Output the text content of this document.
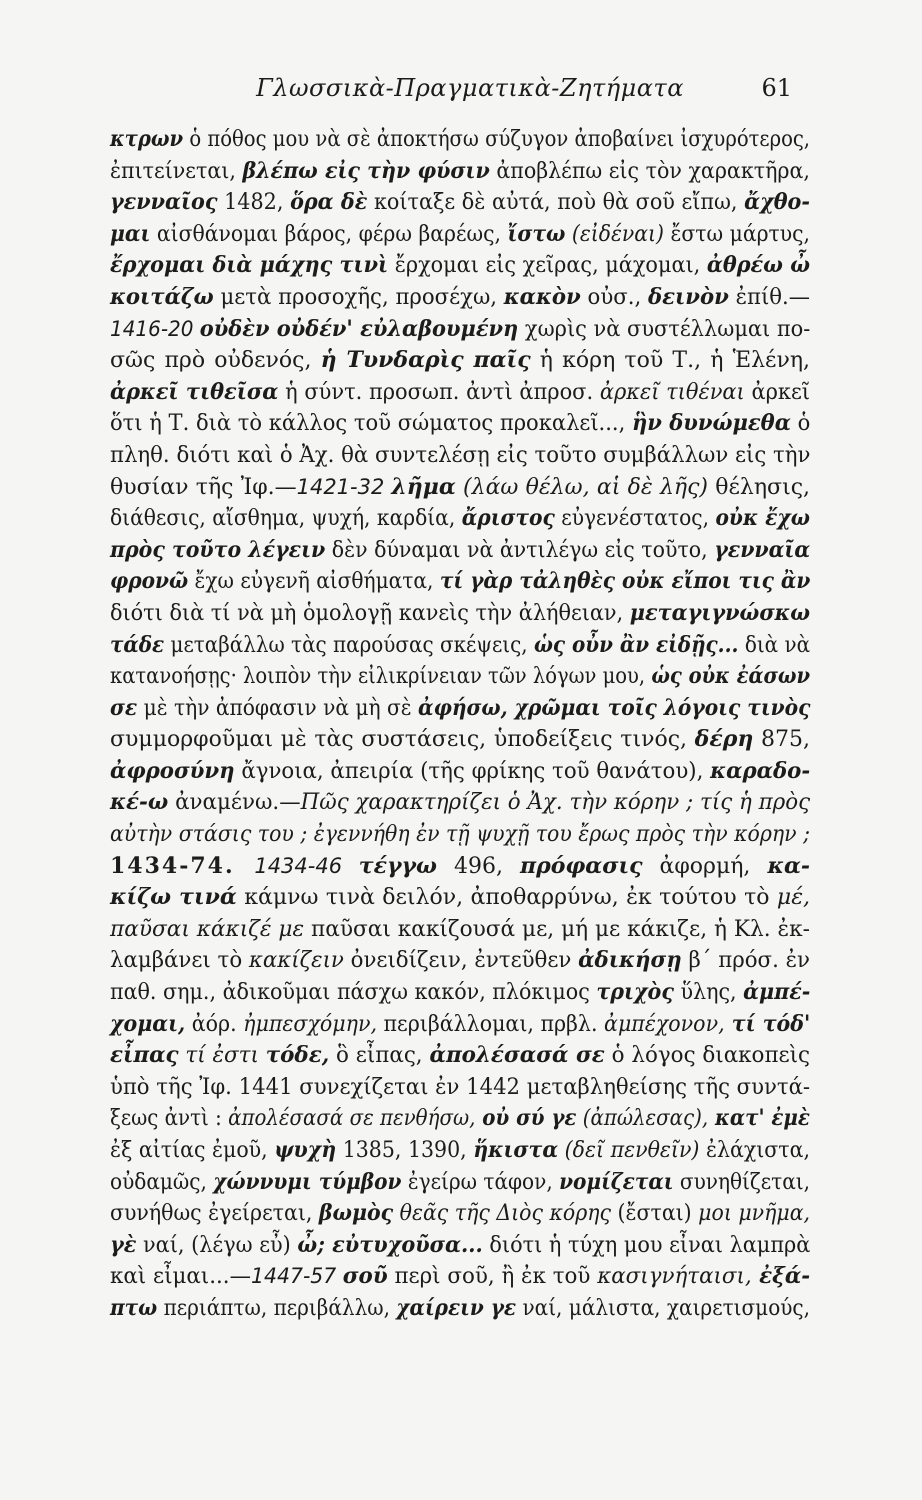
Γλωσσικὰ-Πραγματικὰ-Ζητήματα	61
κτρων ὁ πόθος μου νὰ σὲ ἀποκτήσω σύζυγον ἀποβαίνει ἰσχυρότερος,
ἐπιτείνεται, βλέπω εἰς τὴν φύσιν ἀποβλέπω εἰς τὸν χαρακτῆρα,
γενναῖος 1482, ὅρα δὲ κοίταξε δὲ αὐτά, ποὺ θὰ σοῦ εἴπω, ἄχθο-
μαι αἰσθάνομαι βάρος, φέρω βαρέως, ἴστω (εἰδέναι) ἔστω μάρτυς,
ἔρχομαι διὰ μάχης τινὶ ἔρχομαι εἰς χεῖρας, μάχομαι, ἀθρέω ὦ
κοιτάζω μετὰ προσοχῆς, προσέχω, κακὸν οὐσ., δεινὸν ἐπίθ.—
1416-20 οὐδὲν οὐδέν' εὐλαβουμένη χωρὶς νὰ συστέλλωμαι πο-
σῶς πρὸ οὐδενός, ἡ Τυνδαρὶς παῖς ἡ κόρη τοῦ Τ., ἡ Ἑλένη,
ἀρκεῖ τιθεῖσα ἡ σύντ. προσωπ. ἀντὶ ἀπροσ. ἀρκεῖ τιθέναι ἀρκεῖ
ὅτι ἡ Τ. διὰ τὸ κάλλος τοῦ σώματος προκαλεῖ..., ἣν δυνώμεθα ὁ
πληθ. διότι καὶ ὁ Ἀχ. θὰ συντελέσῃ εἰς τοῦτο συμβάλλων εἰς τὴν
θυσίαν τῆς Ἰφ.—1421-32 λῆμα (λάω θέλω, αἱ δὲ λῆς) θέλησις,
διάθεσις, αἴσθημα, ψυχή, καρδία, ἄριστος εὐγενέστατος, οὐκ ἔχω
πρὸς τοῦτο λέγειν δὲν δύναμαι νὰ ἀντιλέγω εἰς τοῦτο, γενναῖα
φρονῶ ἔχω εὐγενῆ αἰσθήματα, τί γὰρ τἀληθὲς οὐκ εἴποι τις ἂν
διότι διὰ τί νὰ μὴ ὁμολογῇ κανεὶς τὴν ἀλήθειαν, μεταγιγνώσκω
τάδε μεταβάλλω τὰς παρούσας σκέψεις, ὡς οὖν ἂν εἰδῇς... διὰ νὰ
κατανοήσῃς· λοιπὸν τὴν εἰλικρίνειαν τῶν λόγων μου, ὡς οὐκ ἐάσων
σε μὲ τὴν ἀπόφασιν νὰ μὴ σὲ ἀφήσω, χρῶμαι τοῖς λόγοις τινὸς
συμμορφοῦμαι μὲ τὰς συστάσεις, ὑποδείξεις τινός, δέρη 875,
ἀφροσύνη ἄγνοια, ἀπειρία (τῆς φρίκης τοῦ θανάτου), καραδο-
κέ-ω ἀναμένω.—Πῶς χαρακτηρίζει ὁ Ἀχ. τὴν κόρην ; τίς ἡ πρὸς
αὐτὴν στάσις του ; ἐγεννήθη ἐν τῇ ψυχῇ του ἔρως πρὸς τὴν κόρην ;
1434-74. 1434-46 τέγγω 496, πρόφασις ἀφορμή, κα-
κίζω τινά κάμνω τινὰ δειλόν, ἀποθαρρύνω, ἐκ τούτου τὸ μέ,
παῦσαι κάκιζέ με παῦσαι κακίζουσά με, μή με κάκιζε, ἡ Κλ. ἐκ-
λαμβάνει τὸ κακίζειν ὀνειδίζειν, ἐντεῦθεν ἀδικήσῃ β΄ πρόσ. ἐν
παθ. σημ., ἀδικοῦμαι πάσχω κακόν, πλόκιμος τριχὸς ὕλης, ἀμπέ-
χομαι, ἀόρ. ἠμπεσχόμην, περιβάλλομαι, πρβλ. ἀμπέχονον, τί τόδ'
εἶπας τί ἐστι τόδε, ὃ εἶπας, ἀπολέσασά σε ὁ λόγος διακοπεὶς
ὑπὸ τῆς Ἰφ. 1441 συνεχίζεται ἐν 1442 μεταβληθείσης τῆς συντά-
ξεως ἀντὶ : ἀπολέσασά σε πενθήσω, οὐ σύ γε (ἀπώλεσας), κατ' ἐμὲ
ἐξ αἰτίας ἐμοῦ, ψυχὴ 1385, 1390, ἥκιστα (δεῖ πενθεῖν) ἐλάχιστα,
οὐδαμῶς, χώννυμι τύμβον ἐγείρω τάφον, νομίζεται συνηθίζεται,
συνήθως ἐγείρεται, βωμὸς θεᾶς τῆς Διὸς κόρης (ἔσται) μοι μνῆμα,
γὲ ναί, (λέγω εὖ) ὦ; εὐτυχοῦσα... διότι ἡ τύχη μου εἶναι λαμπρὰ
καὶ εἶμαι...—1447-57 σοῦ περὶ σοῦ, ἢ ἐκ τοῦ κασιγνήταισι, ἐξά-
πτω περιάπτω, περιβάλλω, χαίρειν γε ναί, μάλιστα, χαιρετισμούς,
